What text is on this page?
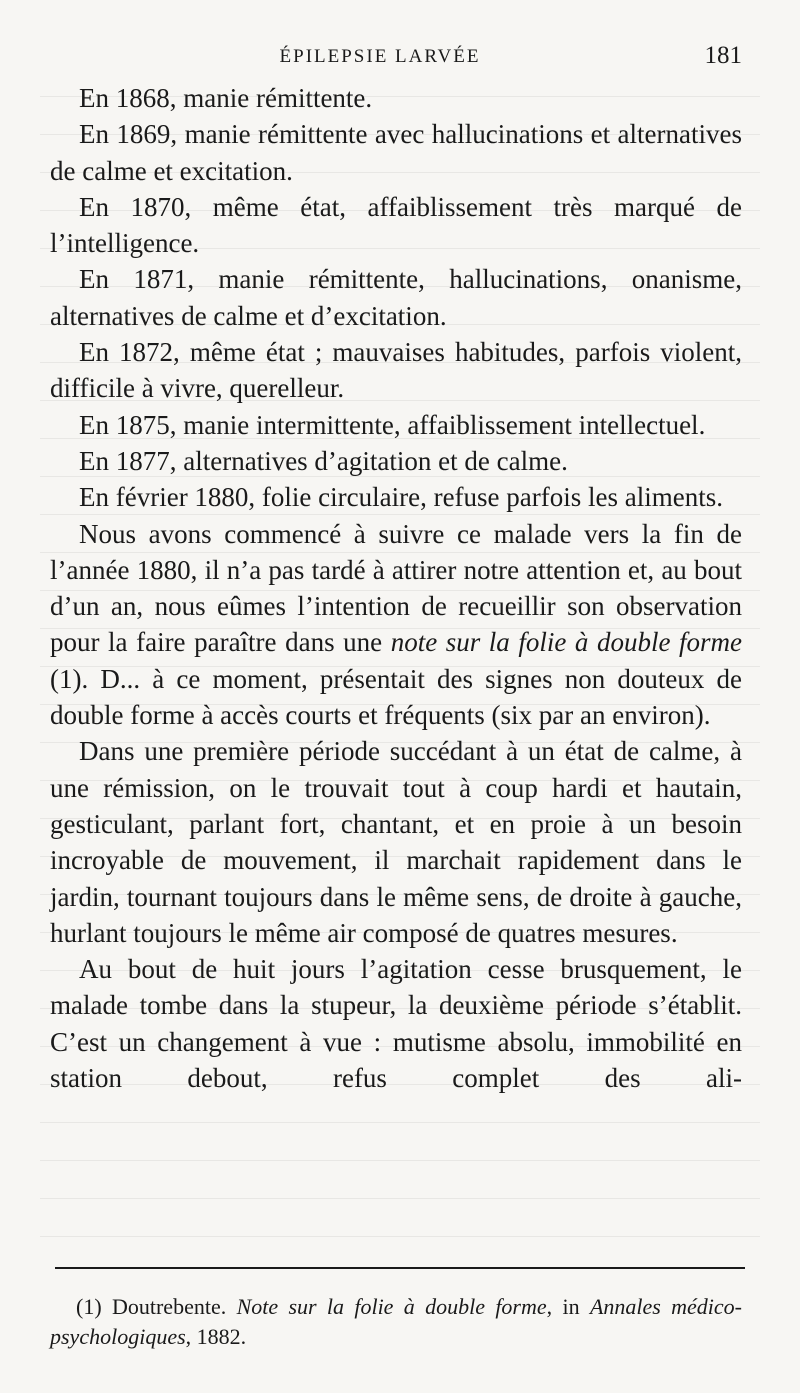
ÉPILEPSIE LARVÉE	181

En 1868, manie rémittente.

En 1869, manie rémittente avec hallucinations et alternatives de calme et excitation.

En 1870, même état, affaiblissement très marqué de l’intelligence.

En 1871, manie rémittente, hallucinations, onanisme, alternatives de calme et d’excitation.

En 1872, même état ; mauvaises habitudes, parfois violent, difficile à vivre, querelleur.

En 1875, manie intermittente, affaiblissement intellectuel.

En 1877, alternatives d’agitation et de calme.

En février 1880, folie circulaire, refuse parfois les aliments.

Nous avons commencé à suivre ce malade vers la fin de l’année 1880, il n’a pas tardé à attirer notre attention et, au bout d’un an, nous eûmes l’intention de recueillir son observation pour la faire paraître dans une note sur la folie à double forme (1). D... à ce moment, présentait des signes non douteux de double forme à accès courts et fréquents (six par an environ).

Dans une première période succédant à un état de calme, à une rémission, on le trouvait tout à coup hardi et hautain, gesticulant, parlant fort, chantant, et en proie à un besoin incroyable de mouvement, il marchait rapidement dans le jardin, tournant toujours dans le même sens, de droite à gauche, hurlant toujours le même air composé de quatres mesures.

Au bout de huit jours l’agitation cesse brusquement, le malade tombe dans la stupeur, la deuxième période s’établit. C’est un changement à vue : mutisme absolu, immobilité en station debout, refus complet des ali-

(1) Doutrebente. Note sur la folie à double forme, in Annales médico-psychologiques, 1882.
